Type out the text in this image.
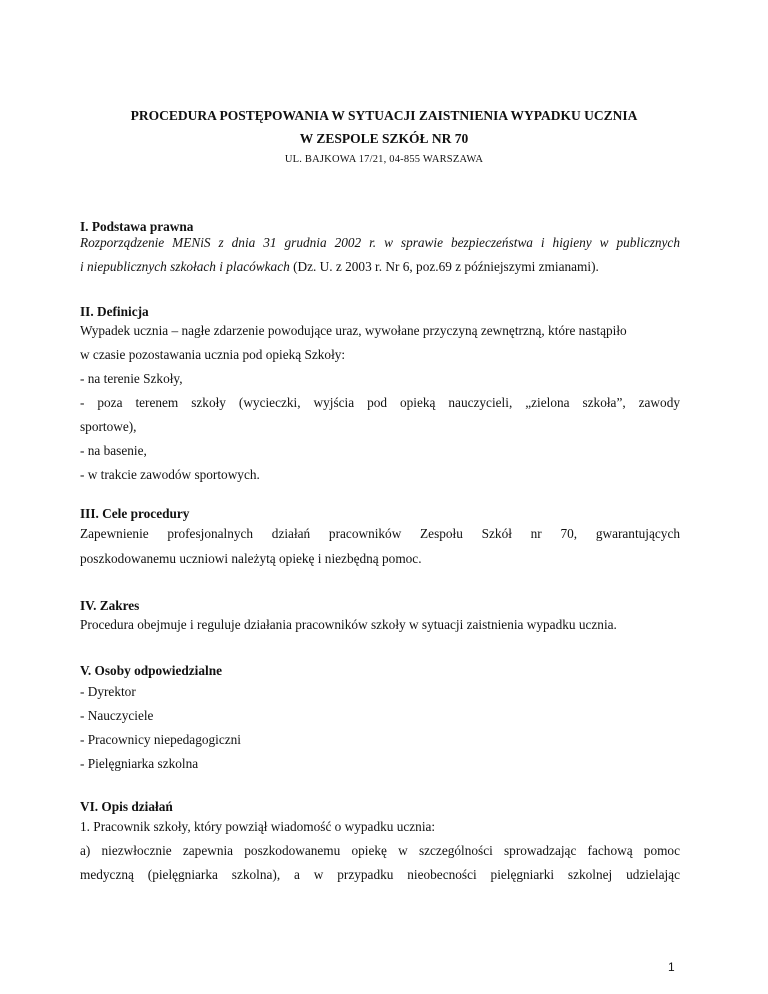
PROCEDURA POSTĘPOWANIA W SYTUACJI ZAISTNIENIA WYPADKU UCZNIA
W ZESPOLE SZKÓŁ NR 70
UL. BAJKOWA 17/21, 04-855 WARSZAWA
I. Podstawa prawna
Rozporządzenie MENiS z dnia 31 grudnia 2002 r. w sprawie bezpieczeństwa i higieny w publicznych
i niepublicznych szkołach i placówkach (Dz. U. z 2003 r. Nr 6, poz.69 z późniejszymi zmianami).
II. Definicja
Wypadek ucznia – nagłe zdarzenie powodujące uraz, wywołane przyczyną zewnętrzną, które nastąpiło
w czasie pozostawania ucznia pod opieką Szkoły:
- na terenie Szkoły,
- poza terenem szkoły (wycieczki, wyjścia pod opieką nauczycieli, „zielona szkoła”, zawody
sportowe),
- na basenie,
- w trakcie zawodów sportowych.
III. Cele procedury
Zapewnienie profesjonalnych działań pracowników Zespołu Szkół nr 70, gwarantujących
poszkodowanemu uczniowi należytą opiekę i niezbędną pomoc.
IV. Zakres
Procedura obejmuje i reguluje działania pracowników szkoły w sytuacji zaistnienia wypadku ucznia.
V. Osoby odpowiedzialne
- Dyrektor
- Nauczyciele
- Pracownicy niepedagogiczni
- Pielęgniarka szkolna
VI. Opis działań
1. Pracownik szkoły, który powziął wiadomość o wypadku ucznia:
a) niezwłocznie zapewnia poszkodowanemu opiekę w szczególności sprowadzając fachową pomoc
medyczną (pielęgniarka szkolna), a w przypadku nieobecności pielęgniarki szkolnej udzielając
1
